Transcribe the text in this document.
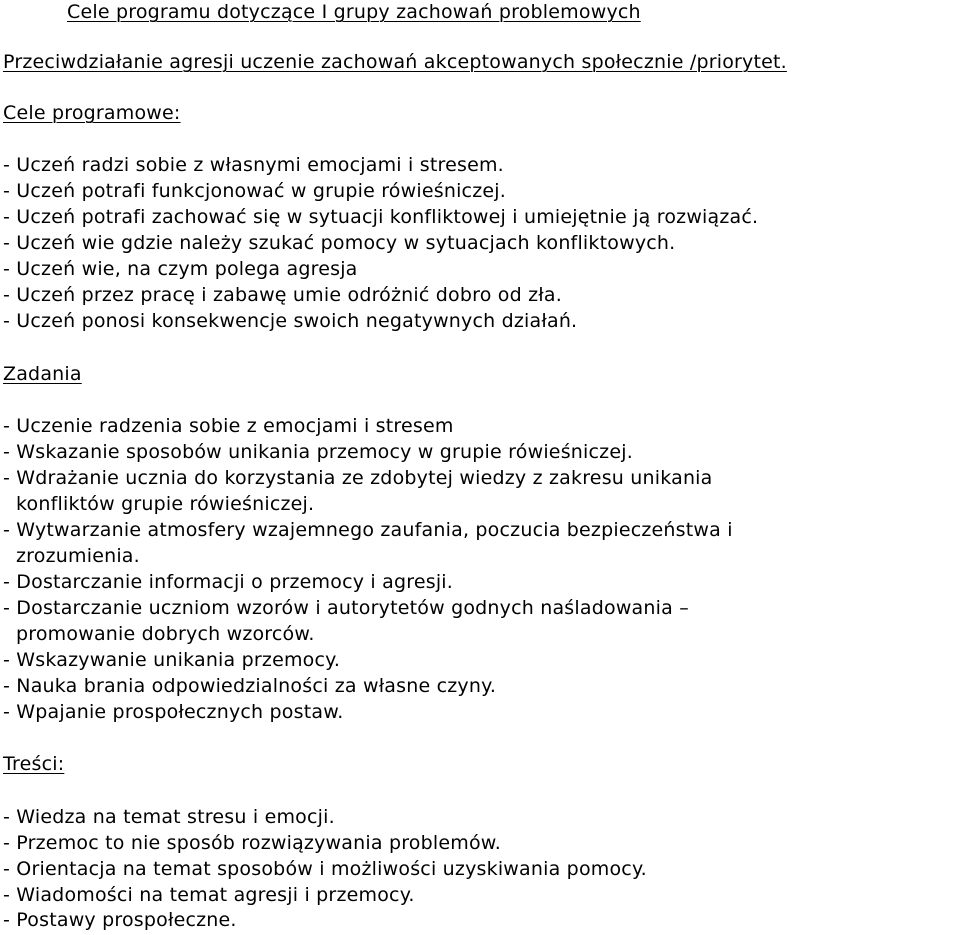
Cele programu dotyczące I grupy zachowań problemowych
Przeciwdziałanie agresji uczenie zachowań akceptowanych społecznie /priorytet.
Cele programowe:
- Uczeń radzi sobie z własnymi emocjami i stresem.
- Uczeń potrafi funkcjonować w grupie rówieśniczej.
- Uczeń potrafi zachować się w sytuacji konfliktowej i umiejętnie ją rozwiązać.
- Uczeń wie gdzie należy szukać pomocy w sytuacjach konfliktowych.
- Uczeń wie, na czym polega agresja
- Uczeń przez pracę i zabawę umie odróżnić dobro od zła.
- Uczeń ponosi konsekwencje swoich negatywnych działań.
Zadania
- Uczenie radzenia sobie z emocjami i stresem
- Wskazanie sposobów unikania przemocy w grupie rówieśniczej.
- Wdrażanie ucznia do korzystania ze zdobytej wiedzy z zakresu unikania
konfliktów grupie rówieśniczej.
- Wytwarzanie atmosfery wzajemnego zaufania, poczucia bezpieczeństwa i
zrozumienia.
- Dostarczanie informacji o przemocy i agresji.
- Dostarczanie uczniom wzorów i autorytetów godnych naśladowania –
promowanie dobrych wzorców.
- Wskazywanie unikania przemocy.
- Nauka brania odpowiedzialności za własne czyny.
- Wpajanie prospołecznych postaw.
Treści:
- Wiedza na temat stresu i emocji.
- Przemoc to nie sposób rozwiązywania problemów.
- Orientacja na temat sposobów i możliwości uzyskiwania pomocy.
- Wiadomości na temat agresji i przemocy.
- Postawy prospołeczne.
